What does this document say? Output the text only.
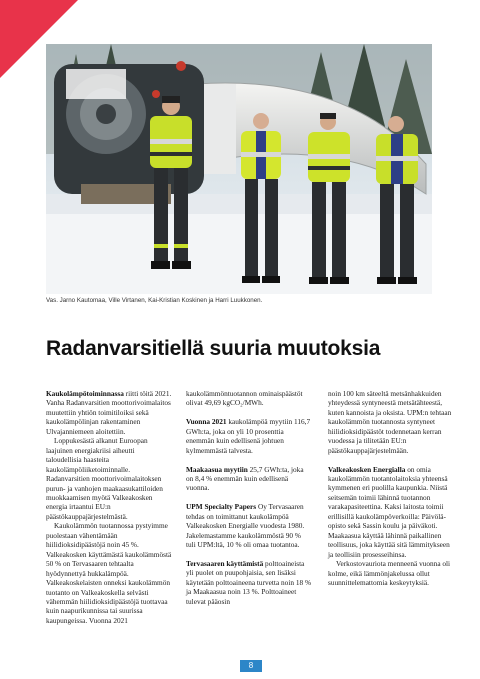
Vas. Jarno Kautomaa, Ville Virtanen, Kai-Kristian Koskinen ja Harri Luukkonen.
Radanvarsitiellä suuria muutoksia

Kaukolämpötoiminnassa riitti töitä 2021. Vanha Radanvarsitien moottorivoimalaitos muutettiin yhtiön toimitiloiksi sekä kaukolämpölinjan rakentaminen Ulvajanniemeen aloitettiin.

Loppukesästä alkanut Euroopan laajuinen energiakriisi aiheutti taloudellisia haasteita kaukolämpöliiketoiminnalle. Radanvarsitien moottorivoimalaitoksen purun- ja vanhojen maakaasukattiloiden muokkaamisen myötä Valkeakosken energia irtaantui EU:n päästökauppajärjestelmästä.

Kaukolämmön tuotannossa pystyimme puolestaan vähentämään hiilidioksidipäästöjä noin 45 %. Valkeakosken käyttämästä kaukolämmöstä 50 % on Tervasaaren tehtaalta hyödynnettyä hukkalämpöä. Valkeakoskelaisten onneksi kaukolämmön tuotanto on Valkeakoskella selvästi vähemmän hiilidioksidipäästöjä tuottavaa kuin naapurikunnissa tai suurissa kaupungeissa. Vuonna 2021

kaukolämmöntuotannon ominaispäästöt olivat 49,69 kgCO₂/MWh.

Vuonna 2021 kaukolämpöä myytiin 116,7 GWh:ta, joka on yli 10 prosenttia enemmän kuin edellisenä johtuen kylmemmästä talvesta.

Maakaasua myytiin 25,7 GWh:ta, joka on 8,4 % enemmän kuin edellisenä vuonna.

UPM Specialty Papers Oy Tervasaaren tehdas on toimittanut kaukolämpöä Valkeakosken Energialle vuodesta 1980. Jakelemastamme kaukolämmöstä 90 % tuli UPM:ltä, 10 % oli omaa tuotantoa.

Tervasaaren käyttämistä polttoaineista yli puolet on puupohjaisia, sen lisäksi käytetään polttoaineena turvetta noin 18 % ja Maakaasua noin 13 %. Polttoaineet tulevat pääosin

noin 100 km säteeltä metsänhakkuiden yhteydessä syntyneestä metsätähteestä, kuten kannoista ja oksista. UPM:n tehtaan kaukolämmön tuotannosta syntyneet hiilidioksidipäästöt todennetaan kerran vuodessa ja tilitetään EU:n päästökauppajärjestelmään.

Valkeakosken Energialla on omia kaukolämmön tuotantolaitoksia yhteensä kymmenen eri puolilla kaupunkia. Niistä seitsemän toimii lähinnä tuotannon varakapasiteettina. Kaksi laitosta toimii erillisillä kaukolämpöverkoilla: Päivölä-opisto sekä Sassin koulu ja päiväkoti. Maakaasua käyttää lähinnä paikallinen teollisuus, joka käyttää sitä lämmitykseen ja teollisiin prosesseihinsa.

Verkostovauriota menneenä vuonna oli kolme, eikä lämmönjakelussa ollut suunnittelemattomia keskeytyksiä.

8
